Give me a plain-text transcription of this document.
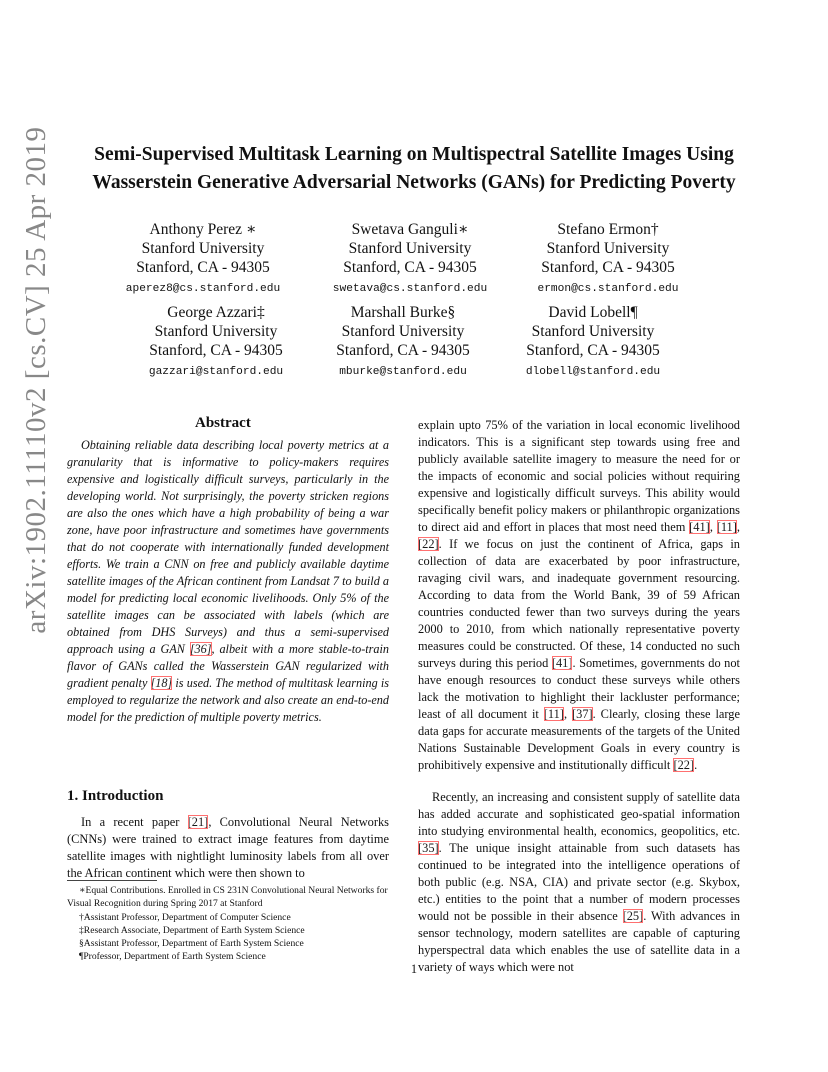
arXiv:1902.11110v2 [cs.CV] 25 Apr 2019	Semi-Supervised Multitask Learning on Multispectral Satellite Images Using Wasserstein Generative Adversarial Networks (GANs) for Predicting Poverty
Anthony Perez ∗
Stanford University
Stanford, CA - 94305
aperez8@cs.stanford.edu
Swetava Ganguli∗
Stanford University
Stanford, CA - 94305
swetava@cs.stanford.edu
Stefano Ermon†
Stanford University
Stanford, CA - 94305
ermon@cs.stanford.edu
George Azzari‡
Stanford University
Stanford, CA - 94305
gazzari@stanford.edu
Marshall Burke§
Stanford University
Stanford, CA - 94305
mburke@stanford.edu
David Lobell¶
Stanford University
Stanford, CA - 94305
dlobell@stanford.edu
Abstract
Obtaining reliable data describing local poverty metrics at a granularity that is informative to policy-makers requires expensive and logistically difficult surveys, particularly in the developing world. Not surprisingly, the poverty stricken regions are also the ones which have a high probability of being a war zone, have poor infrastructure and sometimes have governments that do not cooperate with internationally funded development efforts. We train a CNN on free and publicly available daytime satellite images of the African continent from Landsat 7 to build a model for predicting local economic livelihoods. Only 5% of the satellite images can be associated with labels (which are obtained from DHS Surveys) and thus a semi-supervised approach using a GAN [36], albeit with a more stable-to-train flavor of GANs called the Wasserstein GAN regularized with gradient penalty [18] is used. The method of multitask learning is employed to regularize the network and also create an end-to-end model for the prediction of multiple poverty metrics.
1. Introduction
In a recent paper [21], Convolutional Neural Networks (CNNs) were trained to extract image features from daytime satellite images with nightlight luminosity labels from all over the African continent which were then shown to

∗Equal Contributions. Enrolled in CS 231N Convolutional Neural Networks for Visual Recognition during Spring 2017 at Stanford

†Assistant Professor, Department of Computer Science

‡Research Associate, Department of Earth System Science

§Assistant Professor, Department of Earth System Science

¶Professor, Department of Earth System Science

explain upto 75% of the variation in local economic livelihood indicators. This is a significant step towards using free and publicly available satellite imagery to measure the need for or the impacts of economic and social policies without requiring expensive and logistically difficult surveys. This ability would specifically benefit policy makers or philanthropic organizations to direct aid and effort in places that most need them [41], [11], [22]. If we focus on just the continent of Africa, gaps in collection of data are exacerbated by poor infrastructure, ravaging civil wars, and inadequate government resourcing. According to data from the World Bank, 39 of 59 African countries conducted fewer than two surveys during the years 2000 to 2010, from which nationally representative poverty measures could be constructed. Of these, 14 conducted no such surveys during this period [41]. Sometimes, governments do not have enough resources to conduct these surveys while others lack the motivation to highlight their lackluster performance; least of all document it [11], [37]. Clearly, closing these large data gaps for accurate measurements of the targets of the United Nations Sustainable Development Goals in every country is prohibitively expensive and institutionally difficult [22].

Recently, an increasing and consistent supply of satellite data has added accurate and sophisticated geo-spatial information into studying environmental health, economics, geopolitics, etc. [35]. The unique insight attainable from such datasets has continued to be integrated into the intelligence operations of both public (e.g. NSA, CIA) and private sector (e.g. Skybox, etc.) entities to the point that a number of modern processes would not be possible in their absence [25]. With advances in sensor technology, modern satellites are capable of capturing hyperspectral data which enables the use of satellite data in a variety of ways which were not

1
